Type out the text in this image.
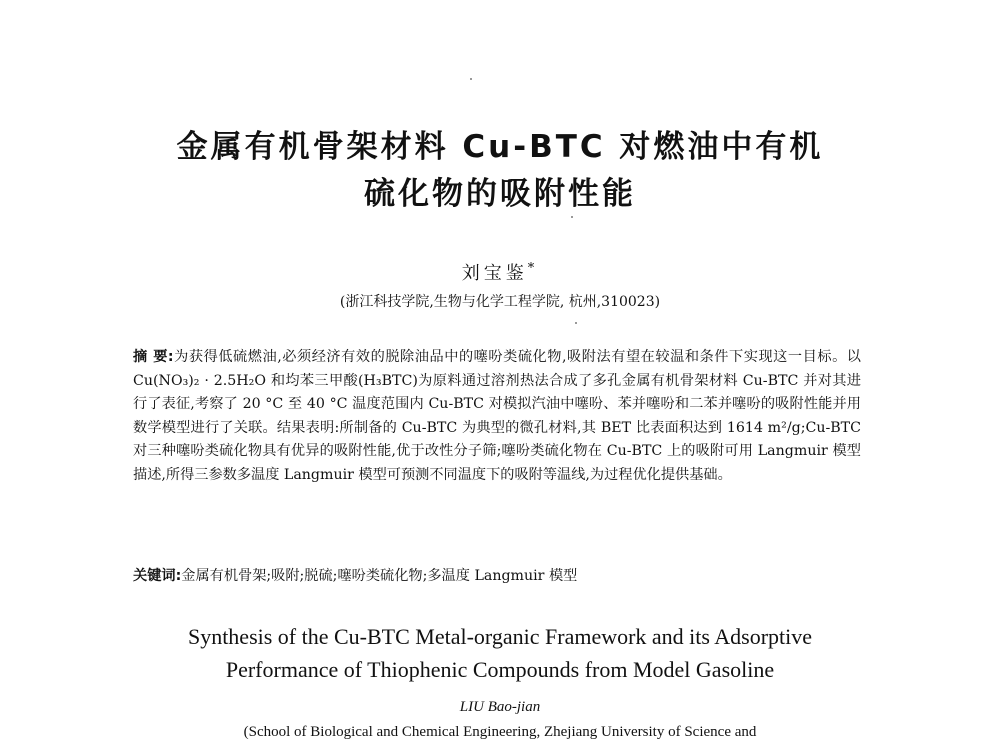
金属有机骨架材料 Cu-BTC 对燃油中有机
硫化物的吸附性能
刘宝鉴*
(浙江科技学院,生物与化学工程学院, 杭州,310023)
摘 要:为获得低硫燃油,必须经济有效的脱除油品中的噻吩类硫化物,吸附法有望在较温和条件下实现这一目标。以 Cu(NO₃)₂ · 2.5H₂O 和均苯三甲酸(H₃BTC)为原料通过溶剂热法合成了多孔金属有机骨架材料 Cu-BTC 并对其进行了表征,考察了 20 °C 至 40 °C 温度范围内 Cu-BTC 对模拟汽油中噻吩、苯并噻吩和二苯并噻吩的吸附性能并用数学模型进行了关联。结果表明:所制备的 Cu-BTC 为典型的微孔材料,其 BET 比表面积达到 1614 m²/g;Cu-BTC 对三种噻吩类硫化物具有优异的吸附性能,优于改性分子筛;噻吩类硫化物在 Cu-BTC 上的吸附可用 Langmuir 模型描述,所得三参数多温度 Langmuir 模型可预测不同温度下的吸附等温线,为过程优化提供基础。
关键词:金属有机骨架;吸附;脱硫;噻吩类硫化物;多温度 Langmuir 模型
Synthesis of the Cu-BTC Metal-organic Framework and its Adsorptive
Performance of Thiophenic Compounds from Model Gasoline
LIU Bao-jian
(School of Biological and Chemical Engineering, Zhejiang University of Science and
